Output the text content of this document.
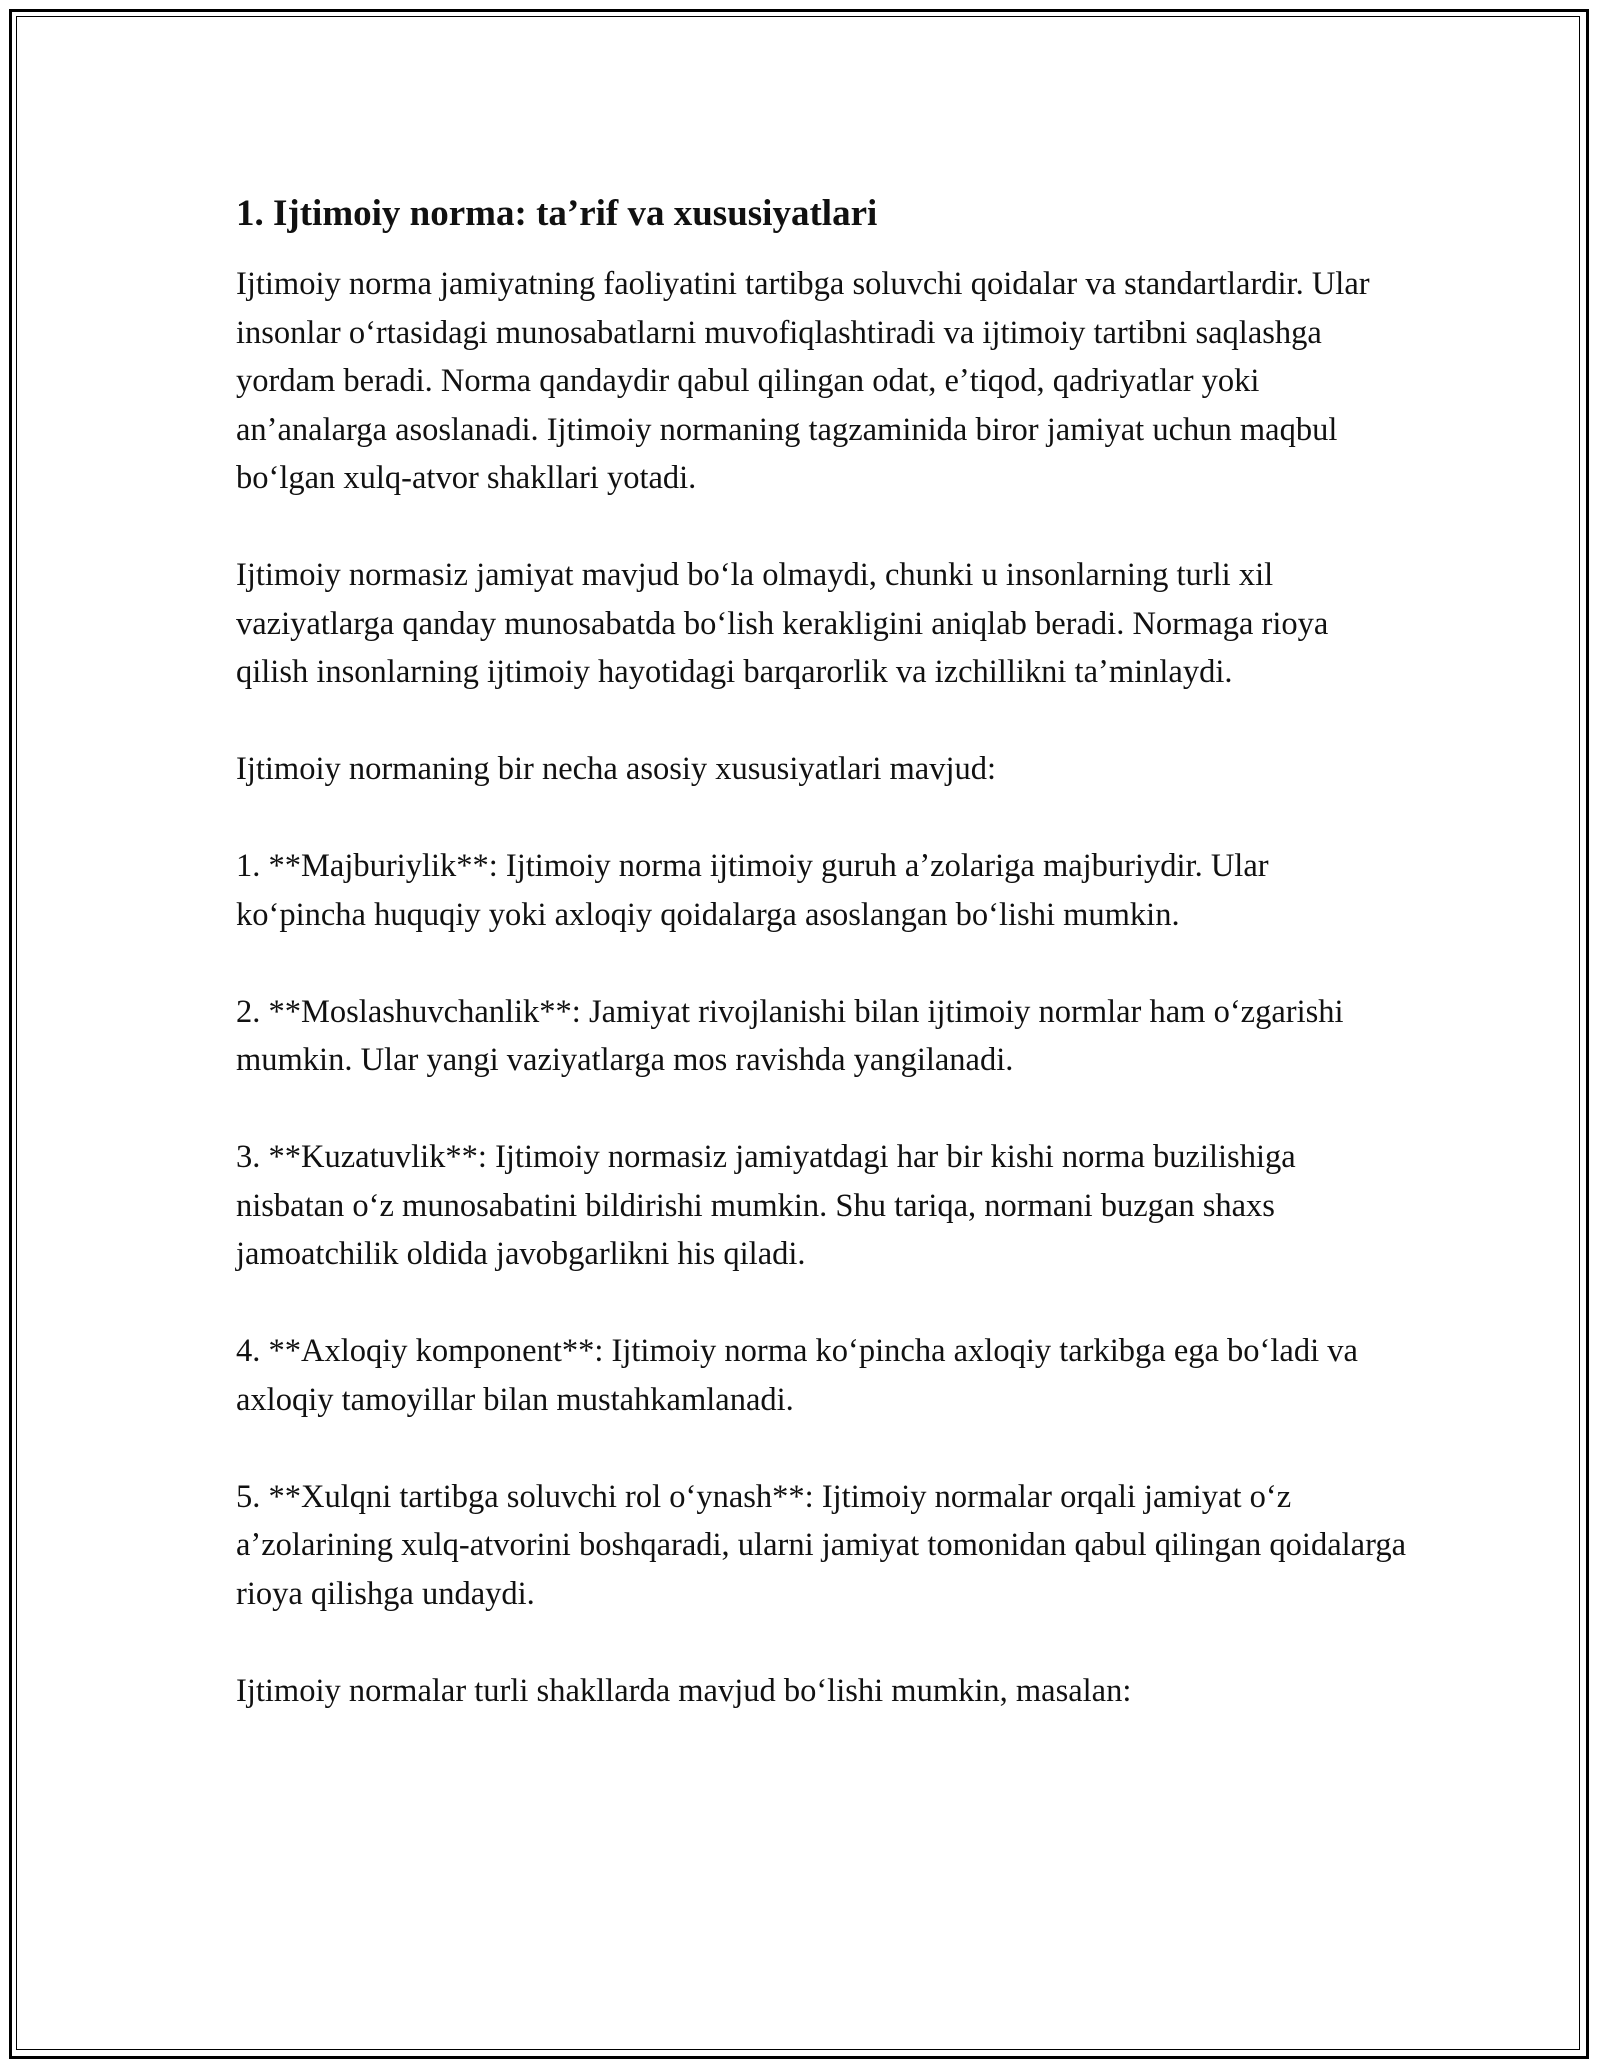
1. Ijtimoiy norma: ta’rif va xususiyatlari

Ijtimoiy norma jamiyatning faoliyatini tartibga soluvchi qoidalar va standartlardir. Ular insonlar oʻrtasidagi munosabatlarni muvofiqlashtiradi va ijtimoiy tartibni saqlashga yordam beradi. Norma qandaydir qabul qilingan odat, eʼtiqod, qadriyatlar yoki anʼanalarga asoslanadi. Ijtimoiy normaning tagzaminida biror jamiyat uchun maqbul boʻlgan xulq-atvor shakllari yotadi.

Ijtimoiy normasiz jamiyat mavjud boʻla olmaydi, chunki u insonlarning turli xil vaziyatlarga qanday munosabatda boʻlish kerakligini aniqlab beradi. Normaga rioya qilish insonlarning ijtimoiy hayotidagi barqarorlik va izchillikni taʼminlaydi.

Ijtimoiy normaning bir necha asosiy xususiyatlari mavjud:

1. **Majburiylik**: Ijtimoiy norma ijtimoiy guruh aʼzolariga majburiydir. Ular koʻpincha huquqiy yoki axloqiy qoidalarga asoslangan boʻlishi mumkin.

2. **Moslashuvchanlik**: Jamiyat rivojlanishi bilan ijtimoiy normlar ham oʻzgarishi mumkin. Ular yangi vaziyatlarga mos ravishda yangilanadi.

3. **Kuzatuvlik**: Ijtimoiy normasiz jamiyatdagi har bir kishi norma buzilishiga nisbatan oʻz munosabatini bildirishi mumkin. Shu tariqa, normani buzgan shaxs jamoatchilik oldida javobgarlikni his qiladi.

4. **Axloqiy komponent**: Ijtimoiy norma koʻpincha axloqiy tarkibga ega boʻladi va axloqiy tamoyillar bilan mustahkamlanadi.

5. **Xulqni tartibga soluvchi rol oʻynash**: Ijtimoiy normalar orqali jamiyat oʻz aʼzolarining xulq-atvorini boshqaradi, ularni jamiyat tomonidan qabul qilingan qoidalarga rioya qilishga undaydi.

Ijtimoiy normalar turli shakllarda mavjud boʻlishi mumkin, masalan:
